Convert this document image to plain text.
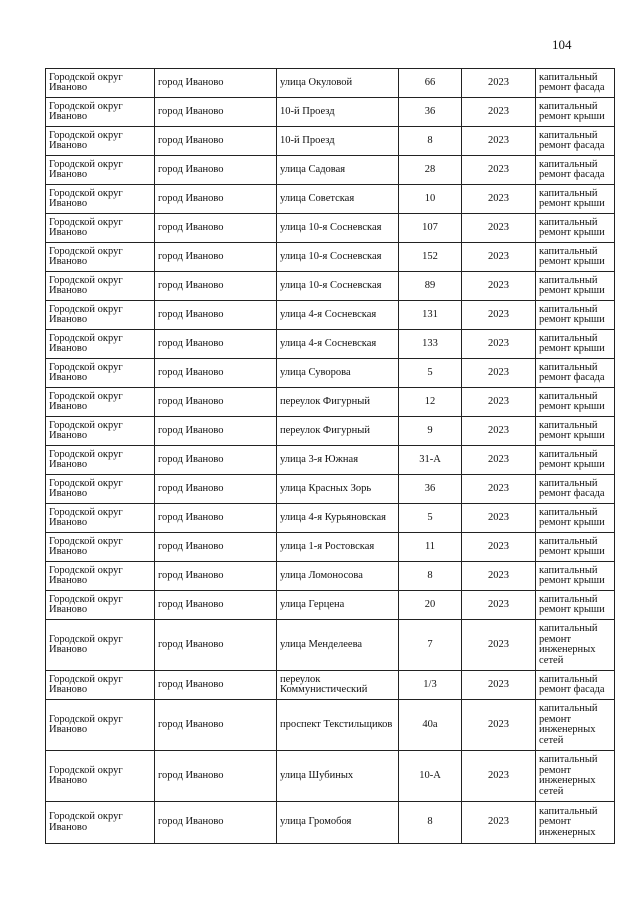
104
Городской округ Иваново	город Иваново	улица Окуловой	66	2023	капитальный ремонт фасада
Городской округ Иваново	город Иваново	10-й Проезд	36	2023	капитальный ремонт крыши
Городской округ Иваново	город Иваново	10-й Проезд	8	2023	капитальный ремонт фасада
Городской округ Иваново	город Иваново	улица Садовая	28	2023	капитальный ремонт фасада
Городской округ Иваново	город Иваново	улица Советская	10	2023	капитальный ремонт крыши
Городской округ Иваново	город Иваново	улица 10-я Сосневская	107	2023	капитальный ремонт крыши
Городской округ Иваново	город Иваново	улица 10-я Сосневская	152	2023	капитальный ремонт крыши
Городской округ Иваново	город Иваново	улица 10-я Сосневская	89	2023	капитальный ремонт крыши
Городской округ Иваново	город Иваново	улица 4-я Сосневская	131	2023	капитальный ремонт крыши
Городской округ Иваново	город Иваново	улица 4-я Сосневская	133	2023	капитальный ремонт крыши
Городской округ Иваново	город Иваново	улица Суворова	5	2023	капитальный ремонт фасада
Городской округ Иваново	город Иваново	переулок Фигурный	12	2023	капитальный ремонт крыши
Городской округ Иваново	город Иваново	переулок Фигурный	9	2023	капитальный ремонт крыши
Городской округ Иваново	город Иваново	улица 3-я Южная	31-А	2023	капитальный ремонт крыши
Городской округ Иваново	город Иваново	улица Красных Зорь	36	2023	капитальный ремонт фасада
Городской округ Иваново	город Иваново	улица 4-я Курьяновская	5	2023	капитальный ремонт крыши
Городской округ Иваново	город Иваново	улица 1-я Ростовская	11	2023	капитальный ремонт крыши
Городской округ Иваново	город Иваново	улица Ломоносова	8	2023	капитальный ремонт крыши
Городской округ Иваново	город Иваново	улица Герцена	20	2023	капитальный ремонт крыши
Городской округ Иваново	город Иваново	улица Менделеева	7	2023	капитальный ремонт инженерных сетей
Городской округ Иваново	город Иваново	переулок Коммунистический	1/3	2023	капитальный ремонт фасада
Городской округ Иваново	город Иваново	проспект Текстильщиков	40а	2023	капитальный ремонт инженерных сетей
Городской округ Иваново	город Иваново	улица Шубиных	10-А	2023	капитальный ремонт инженерных сетей
Городской округ Иваново	город Иваново	улица Громобоя	8	2023	капитальный ремонт инженерных
